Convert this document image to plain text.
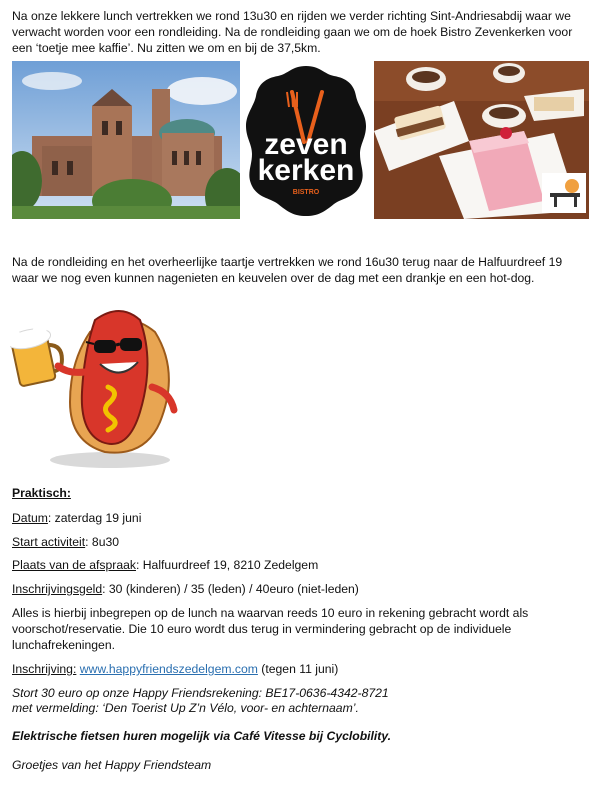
Na onze lekkere lunch vertrekken we rond 13u30 en rijden we verder richting Sint-Andriesabdij waar we verwacht worden voor een rondleiding. Na de rondleiding gaan we om de hoek Bistro Zevenkerken voor een ‘toetje mee kaffie’. Nu zitten we om en bij de 37,5km.

zeven
kerken
BISTRO

Na de rondleiding en het overheerlijke taartje vertrekken we rond 16u30 terug naar de Halfuurdreef 19 waar we nog even kunnen nagenieten en keuvelen over de dag met een drankje en een hot-dog.

Praktisch:

Datum: zaterdag 19 juni

Start activiteit: 8u30

Plaats van de afspraak: Halfuurdreef 19, 8210 Zedelgem

Inschrijvingsgeld: 30 (kinderen) / 35 (leden) / 40euro (niet-leden)

Alles is hierbij inbegrepen op de lunch na waarvan reeds 10 euro in rekening gebracht wordt als voorschot/reservatie. Die 10 euro wordt dus terug in vermindering gebracht op de individuele lunchafrekeningen.

Inschrijving: www.happyfriendszedelgem.com (tegen 11 juni)

Stort 30 euro op onze Happy Friendsrekening: BE17-0636-4342-8721

met vermelding: ‘Den Toerist Up Z’n Vélo, voor- en achternaam’.

Elektrische fietsen huren mogelijk via Café Vitesse bij Cyclobility.

Groetjes van het Happy Friendsteam
